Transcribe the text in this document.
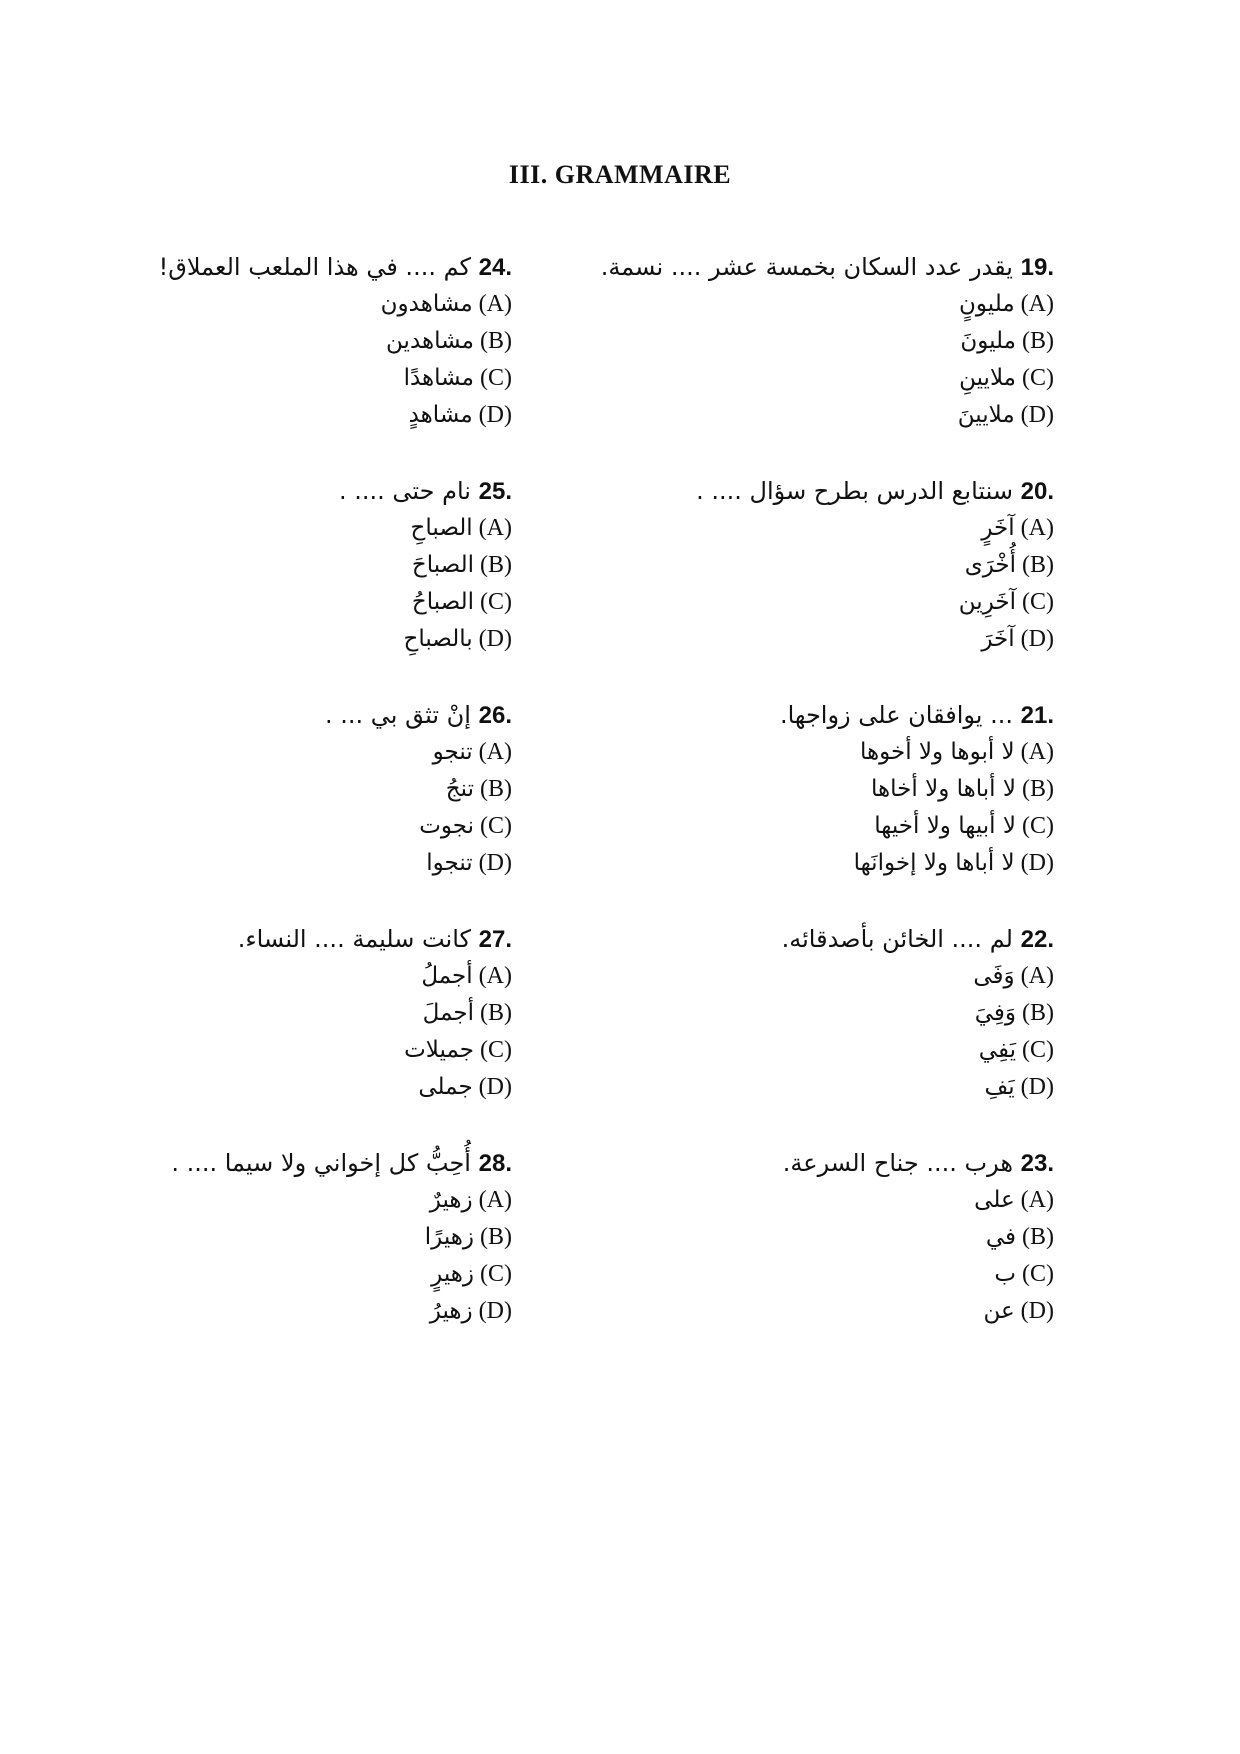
III. GRAMMAIRE
19. يقدر عدد السكان بخمسة عشر .... نسمة.
(A)مليونٍ
(B)مليونَ
(C)ملايينِ
(D)ملايينَ
20. سنتابع الدرس بطرح سؤال .... .
(A)آخَرٍ
(B)أُخْرَى
(C)آخَرِين
(D)آخَرَ
21. ... يوافقان على زواجها.
(A)لا أبوها ولا أخوها
(B)لا أباها ولا أخاها
(C)لا أبيها ولا أخيها
(D)لا أباها ولا إخوانَها
22. لم .... الخائن بأصدقائه.
(A)وَفَى
(B)وَفِيَ
(C)يَفِي
(D)يَفِ
23. هرب .... جناح السرعة.
(A)على
(B)في
(C)ب
(D)عن
24. كم .... في هذا الملعب العملاق!
(A)مشاهدون
(B)مشاهدين
(C)مشاهدًا
(D)مشاهدٍ
25. نام حتى .... .
(A)الصباحِ
(B)الصباحَ
(C)الصباحُ
(D)بالصباحِ
26. إنْ تثق بي ... .
(A)تنجو
(B)تنجُ
(C)نجوت
(D)تنجوا
27. كانت سليمة .... النساء.
(A)أجملُ
(B)أجملَ
(C)جميلات
(D)جملى
28. أُحِبُّ كل إخواني ولا سيما .... .
(A)زهيرٌ
(B)زهيرًا
(C)زهيرٍ
(D)زهيرُ
